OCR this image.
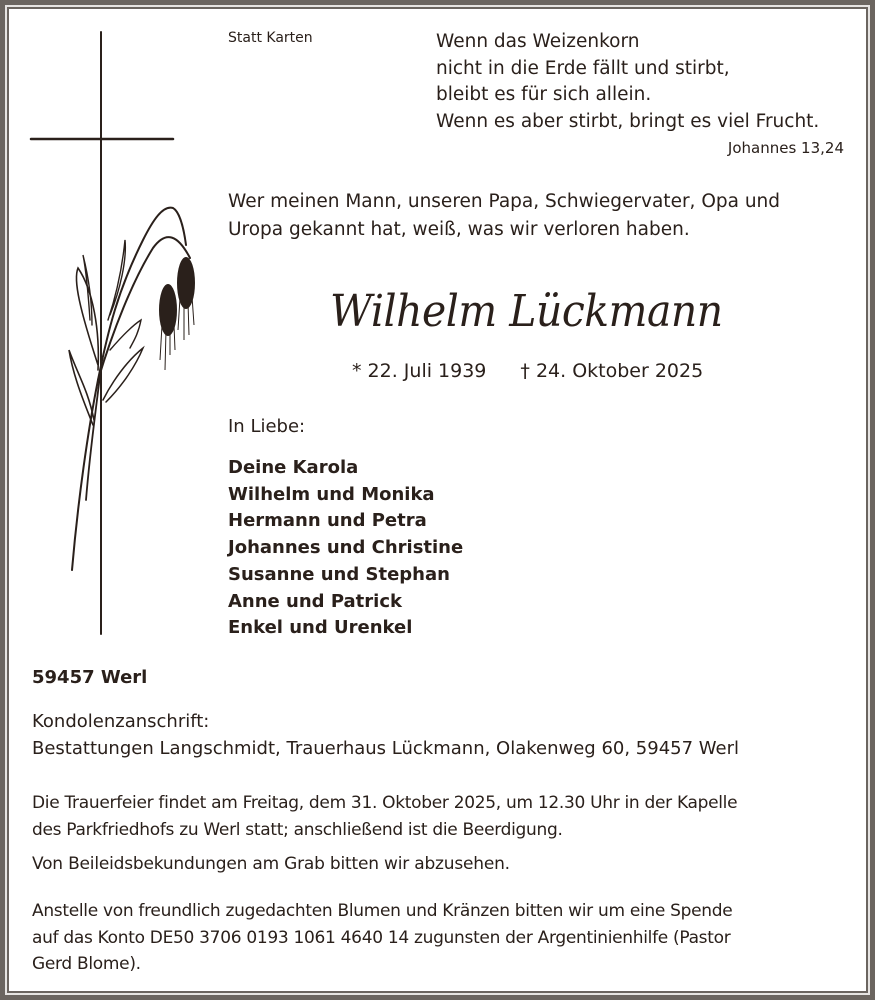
Statt Karten	Wenn das Weizenkorn
nicht in die Erde fällt und stirbt,
bleibt es für sich allein.
Wenn es aber stirbt, bringt es viel Frucht.
Johannes 13,24
Wer meinen Mann, unseren Papa, Schwiegervater, Opa und
Uropa gekannt hat, weiß, was wir verloren haben.
Wilhelm Lückmann
* 22. Juli 1939 † 24. Oktober 2025
In Liebe:
Deine Karola
Wilhelm und Monika
Hermann und Petra
Johannes und Christine
Susanne und Stephan
Anne und Patrick
Enkel und Urenkel
59457 Werl
Kondolenzanschrift:
Bestattungen Langschmidt, Trauerhaus Lückmann, Olakenweg 60, 59457 Werl
Die Trauerfeier findet am Freitag, dem 31. Oktober 2025, um 12.30 Uhr in der Kapelle
des Parkfriedhofs zu Werl statt; anschließend ist die Beerdigung.
Von Beileidsbekundungen am Grab bitten wir abzusehen.
Anstelle von freundlich zugedachten Blumen und Kränzen bitten wir um eine Spende
auf das Konto DE50 3706 0193 1061 4640 14 zugunsten der Argentinienhilfe (Pastor
Gerd Blome).
